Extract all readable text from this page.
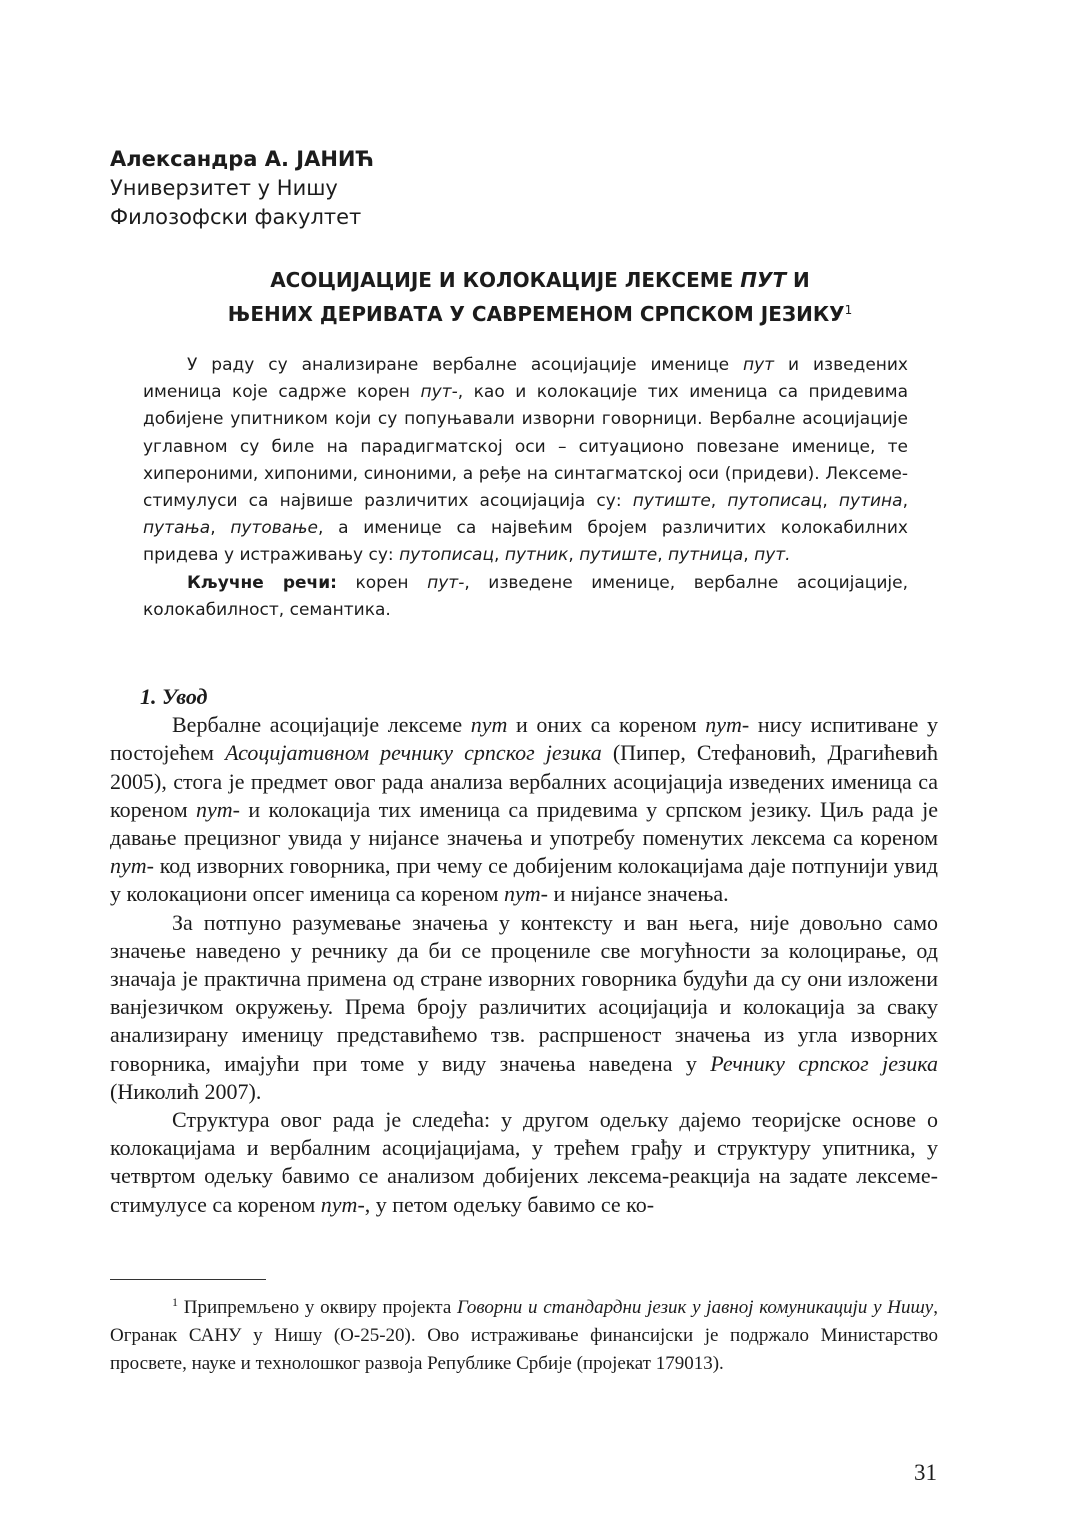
Александра А. ЈАНИЋ
Универзитет у Нишу
Филозофски факултет
АСОЦИЈАЦИЈЕ И КОЛОКАЦИЈЕ ЛЕКСЕМЕ ПУТ И
ЊЕНИХ ДЕРИВАТА У САВРЕМЕНОМ СРПСКОМ ЈЕЗИКУ$^1$

У раду су анализиране вербалне асоцијације именице пут и изведених именица које садрже корен пут-, као и колокације тих именица са придевима добијене упитником који су попуњавали изворни говорници. Вербалне асоцијације углавном су биле на парадигматској оси – ситуационо повезане именице, те хипероними, хипоними, синоними, а ређе на синтагматској оси (придеви). Лексеме-стимулуси са највише различитих асоцијација су: путиште, путописац, путина, путања, путовање, а именице са највећим бројем различитих колокабилних придева у истраживању су: путописац, путник, путиште, путница, пут.

Кључне речи: корен пут-, изведене именице, вербалне асоцијације, колокабилност, семантика.

1. Увод

Вербалне асоцијације лексеме пут и оних са кореном пут- нису испитиване у постојећем Асоцијативном речнику српског језика (Пипер, Стефановић, Драгићевић 2005), стога је предмет овог рада анализа вербалних асоцијација изведених именица са кореном пут- и колокација тих именица са придевима у српском језику. Циљ рада је давање прецизног увида у нијансе значења и употребу поменутих лексема са кореном пут- код изворних говорника, при чему се добијеним колокацијама даје потпунији увид у колокациони опсег именица са кореном пут- и нијансе значења.

За потпуно разумевање значења у контексту и ван њега, није довољно само значење наведено у речнику да би се процениле све могућности за колоцирање, од значаја је практична примена од стране изворних говорника будући да су они изложени ванјезичком окружењу. Према броју различитих асоцијација и колокација за сваку анализирану именицу представићемо тзв. распршеност значења из угла изворних говорника, имајући при томе у виду значења наведена у Речнику српског језика (Николић 2007).

Структура овог рада је следећа: у другом одељку дајемо теоријске основе о колокацијама и вербалним асоцијацијама, у трећем грађу и структуру упитника, у четвртом одељку бавимо се анализом добијених лексема-реакција на задате лексеме-стимулусе са кореном пут-, у петом одељку бавимо се ко-

$^1$ Припремљено у оквиру пројекта Говорни и стандардни језик у јавној комуникацији у Нишу, Огранак САНУ у Нишу (О-25-20). Ово истраживање финансијски је подржало Министарство просвете, науке и технолошког развоја Републике Србије (пројекат 179013).

31
